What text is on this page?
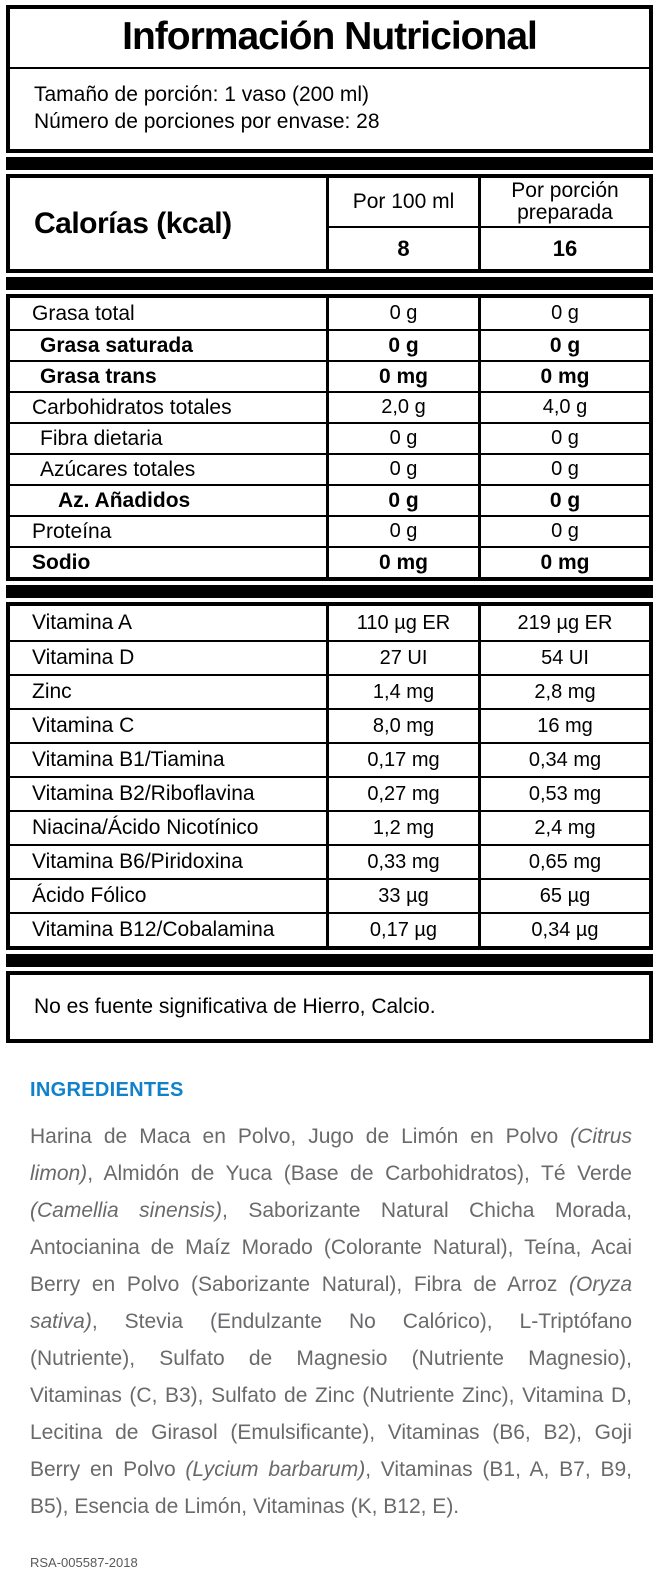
Información Nutricional
Tamaño de porción: 1 vaso (200 ml)
Número de porciones por envase: 28
Calorías (kcal)
Por 100 ml	Por porción preparada
8	16
Grasa total	0 g	0 g
Grasa saturada	0 g	0 g
Grasa trans	0 mg	0 mg
Carbohidratos totales	2,0 g	4,0 g
Fibra dietaria	0 g	0 g
Azúcares totales	0 g	0 g
Az. Añadidos	0 g	0 g
Proteína	0 g	0 g
Sodio	0 mg	0 mg
Vitamina A	110 µg ER	219 µg ER
Vitamina D	27 UI	54 UI
Zinc	1,4 mg	2,8 mg
Vitamina C	8,0 mg	16 mg
Vitamina B1/Tiamina	0,17 mg	0,34 mg
Vitamina B2/Riboflavina	0,27 mg	0,53 mg
Niacina/Ácido Nicotínico	1,2 mg	2,4 mg
Vitamina B6/Piridoxina	0,33 mg	0,65 mg
Ácido Fólico	33 µg	65 µg
Vitamina B12/Cobalamina	0,17 µg	0,34 µg
No es fuente significativa de Hierro, Calcio.
INGREDIENTES

Harina de Maca en Polvo, Jugo de Limón en Polvo (Citrus limon), Almidón de Yuca (Base de Carbohidratos), Té Verde (Camellia sinensis), Saborizante Natural Chicha Morada, Antocianina de Maíz Morado (Colorante Natural), Teína, Acai Berry en Polvo (Saborizante Natural), Fibra de Arroz (Oryza sativa), Stevia (Endulzante No Calórico), L-Triptófano (Nutriente), Sulfato de Magnesio (Nutriente Magnesio), Vitaminas (C, B3), Sulfato de Zinc (Nutriente Zinc), Vitamina D, Lecitina de Girasol (Emulsificante), Vitaminas (B6, B2), Goji Berry en Polvo (Lycium barbarum), Vitaminas (B1, A, B7, B9, B5), Esencia de Limón, Vitaminas (K, B12, E).

RSA-005587-2018
